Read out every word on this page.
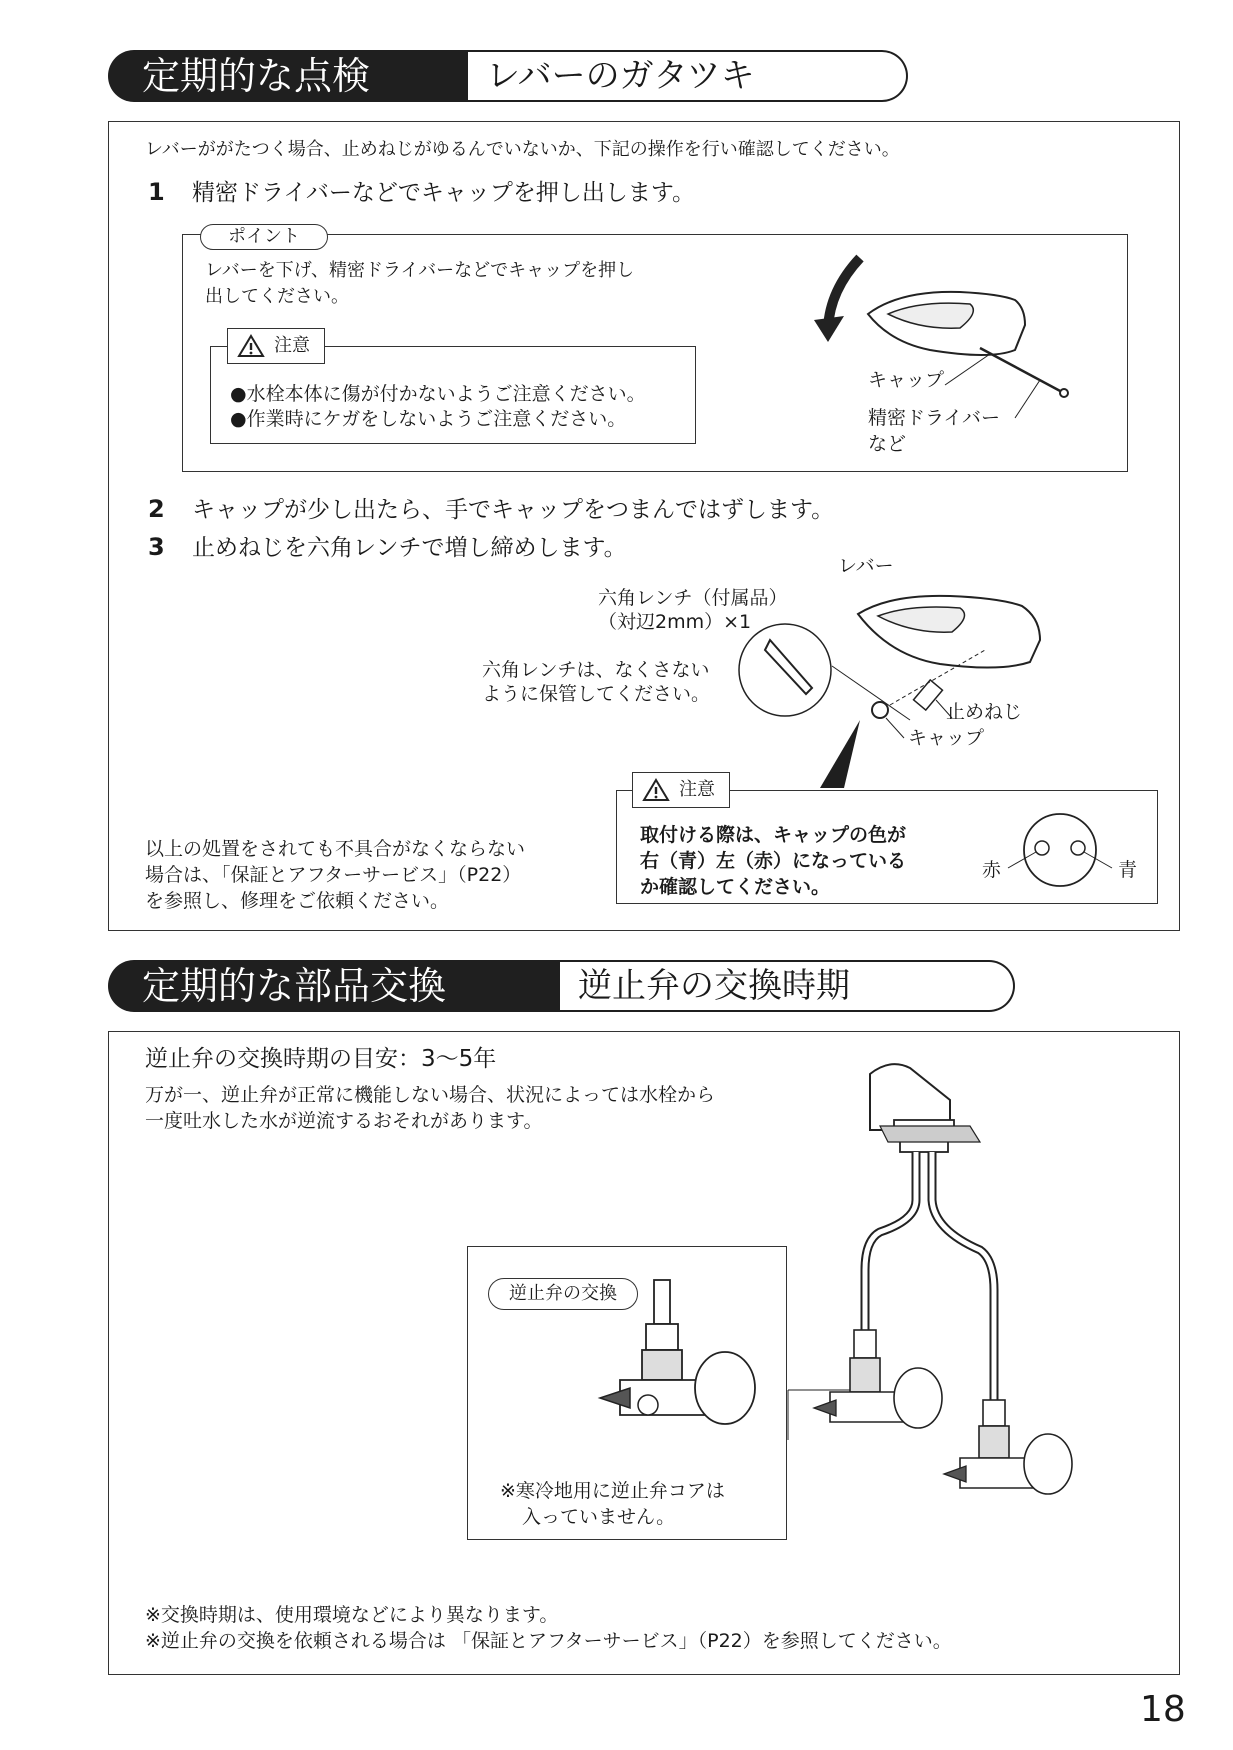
定期的な点検	レバーのガタツキ
レバーががたつく場合、止めねじがゆるんでいないか、下記の操作を行い確認してください。
1 精密ドライバーなどでキャップを押し出します。
ポイント
レバーを下げ、精密ドライバーなどでキャップを押し
出してください。
注意
●水栓本体に傷が付かないようご注意ください。
●作業時にケガをしないようご注意ください。
キャップ
精密ドライバー
など
2 キャップが少し出たら、手でキャップをつまんではずします。
3 止めねじを六角レンチで増し締めします。
レバー
六角レンチ（付属品）
（対辺2mm）×1
六角レンチは、なくさない
ように保管してください。
止めねじ
キャップ
注意
取付ける際は、キャップの色が
右（青）左（赤）になっている
か確認してください。
赤	青
以上の処置をされても不具合がなくならない
場合は、「保証とアフターサービス」（P22）
を参照し、修理をご依頼ください。
定期的な部品交換	逆止弁の交換時期
逆止弁の交換時期の目安：3〜5年
万が一、逆止弁が正常に機能しない場合、状況によっては水栓から
一度吐水した水が逆流するおそれがあります。
逆止弁の交換
※寒冷地用に逆止弁コアは
入っていません。
※交換時期は、使用環境などにより異なります。
※逆止弁の交換を依頼される場合は 「保証とアフターサービス」（P22）を参照してください。
18
